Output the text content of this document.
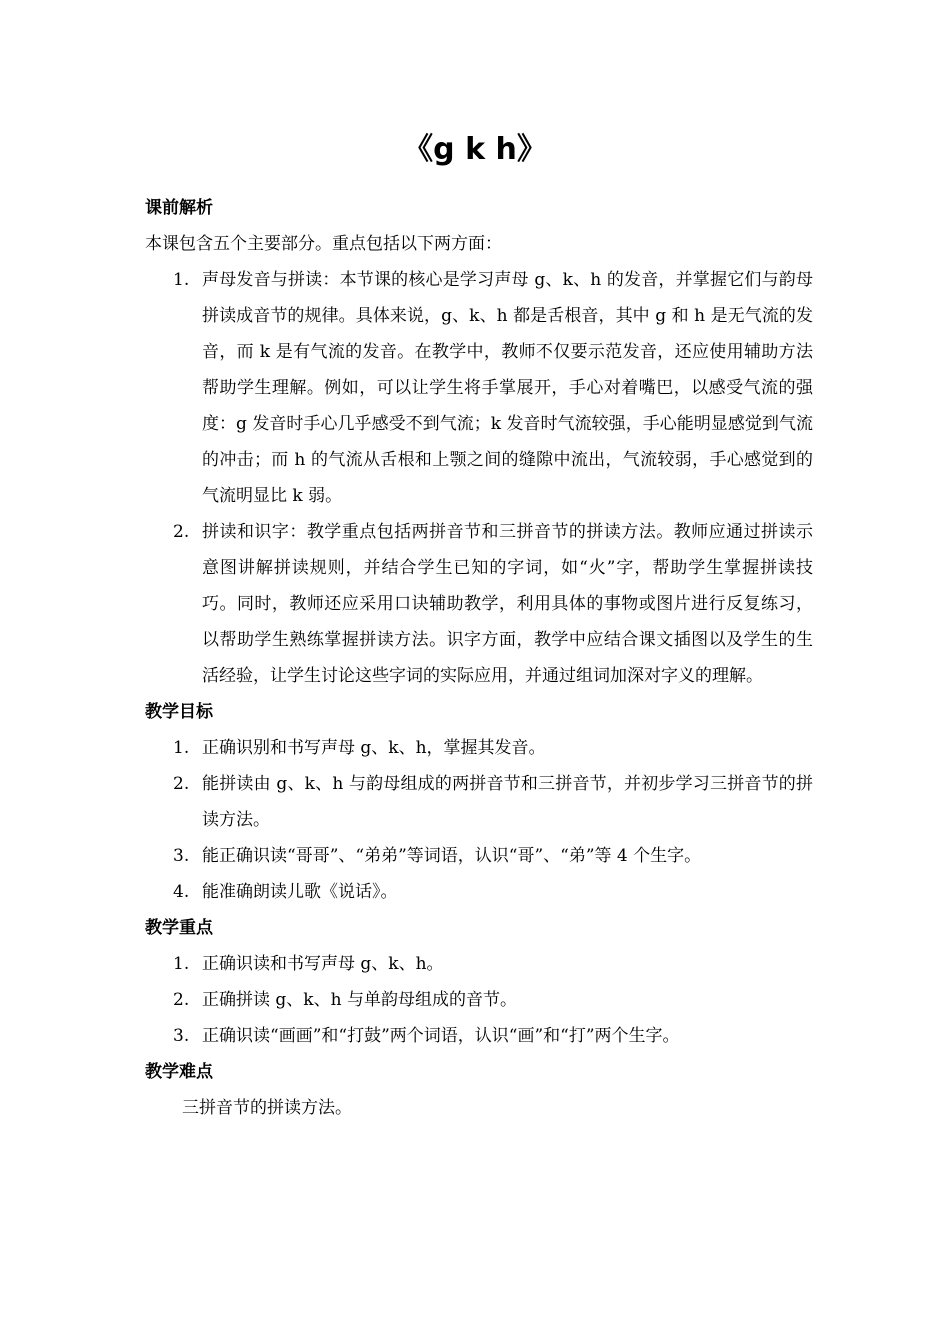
《g k h》
课前解析
本课包含五个主要部分。重点包括以下两方面：
1. 声母发音与拼读：本节课的核心是学习声母 g、k、h 的发音，并掌握它们与韵母拼读成音节的规律。具体来说，g、k、h 都是舌根音，其中 g 和 h 是无气流的发音，而 k 是有气流的发音。在教学中，教师不仅要示范发音，还应使用辅助方法帮助学生理解。例如，可以让学生将手掌展开，手心对着嘴巴，以感受气流的强度：g 发音时手心几乎感受不到气流；k 发音时气流较强，手心能明显感觉到气流的冲击；而 h 的气流从舌根和上颚之间的缝隙中流出，气流较弱，手心感觉到的气流明显比 k 弱。
2. 拼读和识字：教学重点包括两拼音节和三拼音节的拼读方法。教师应通过拼读示意图讲解拼读规则，并结合学生已知的字词，如“火”字，帮助学生掌握拼读技巧。同时，教师还应采用口诀辅助教学，利用具体的事物或图片进行反复练习，以帮助学生熟练掌握拼读方法。识字方面，教学中应结合课文插图以及学生的生活经验，让学生讨论这些字词的实际应用，并通过组词加深对字义的理解。
教学目标
1. 正确识别和书写声母 g、k、h，掌握其发音。
2. 能拼读由 g、k、h 与韵母组成的两拼音节和三拼音节，并初步学习三拼音节的拼读方法。
3. 能正确识读“哥哥”、“弟弟”等词语，认识“哥”、“弟”等 4 个生字。
4. 能准确朗读儿歌《说话》。
教学重点
1. 正确识读和书写声母 g、k、h。
2. 正确拼读 g、k、h 与单韵母组成的音节。
3. 正确识读“画画”和“打鼓”两个词语，认识“画”和“打”两个生字。
教学难点
三拼音节的拼读方法。
